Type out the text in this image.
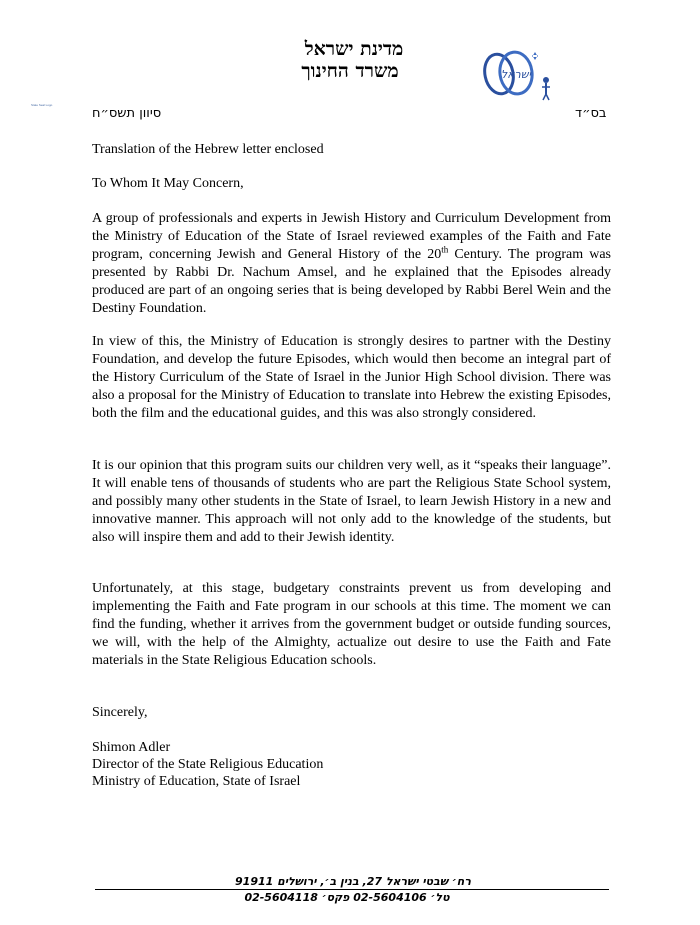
מדינת ישראל
משרד החינוך	ישראל
State Seal Logo
סיוון תשס״ח	בס״ד

Translation of the Hebrew letter enclosed

To Whom It May Concern,

A group of professionals and experts in Jewish History and Curriculum Development from the Ministry of Education of the State of Israel reviewed examples of the Faith and Fate program, concerning Jewish and General History of the 20th Century. The program was presented by Rabbi Dr. Nachum Amsel, and he explained that the Episodes already produced are part of an ongoing series that is being developed by Rabbi Berel Wein and the Destiny Foundation.

In view of this, the Ministry of Education is strongly desires to partner with the Destiny Foundation, and develop the future Episodes, which would then become an integral part of the History Curriculum of the State of Israel in the Junior High School division. There was also a proposal for the Ministry of Education to translate into Hebrew the existing Episodes, both the film and the educational guides, and this was also strongly considered.

It is our opinion that this program suits our children very well, as it “speaks their language”. It will enable tens of thousands of students who are part the Religious State School system, and possibly many other students in the State of Israel, to learn Jewish History in a new and innovative manner. This approach will not only add to the knowledge of the students, but also will inspire them and add to their Jewish identity.

Unfortunately, at this stage, budgetary constraints prevent us from developing and implementing the Faith and Fate program in our schools at this time. The moment we can find the funding, whether it arrives from the government budget or outside funding sources, we will, with the help of the Almighty, actualize out desire to use the Faith and Fate materials in the State Religious Education schools.

Sincerely,
Shimon Adler
Director of the State Religious Education
Ministry of Education, State of Israel
רח׳ שבטי ישראל 27, בנין ב׳, ירושלים 91911
טל׳ 02-5604106 פקס׳ 02-5604118
